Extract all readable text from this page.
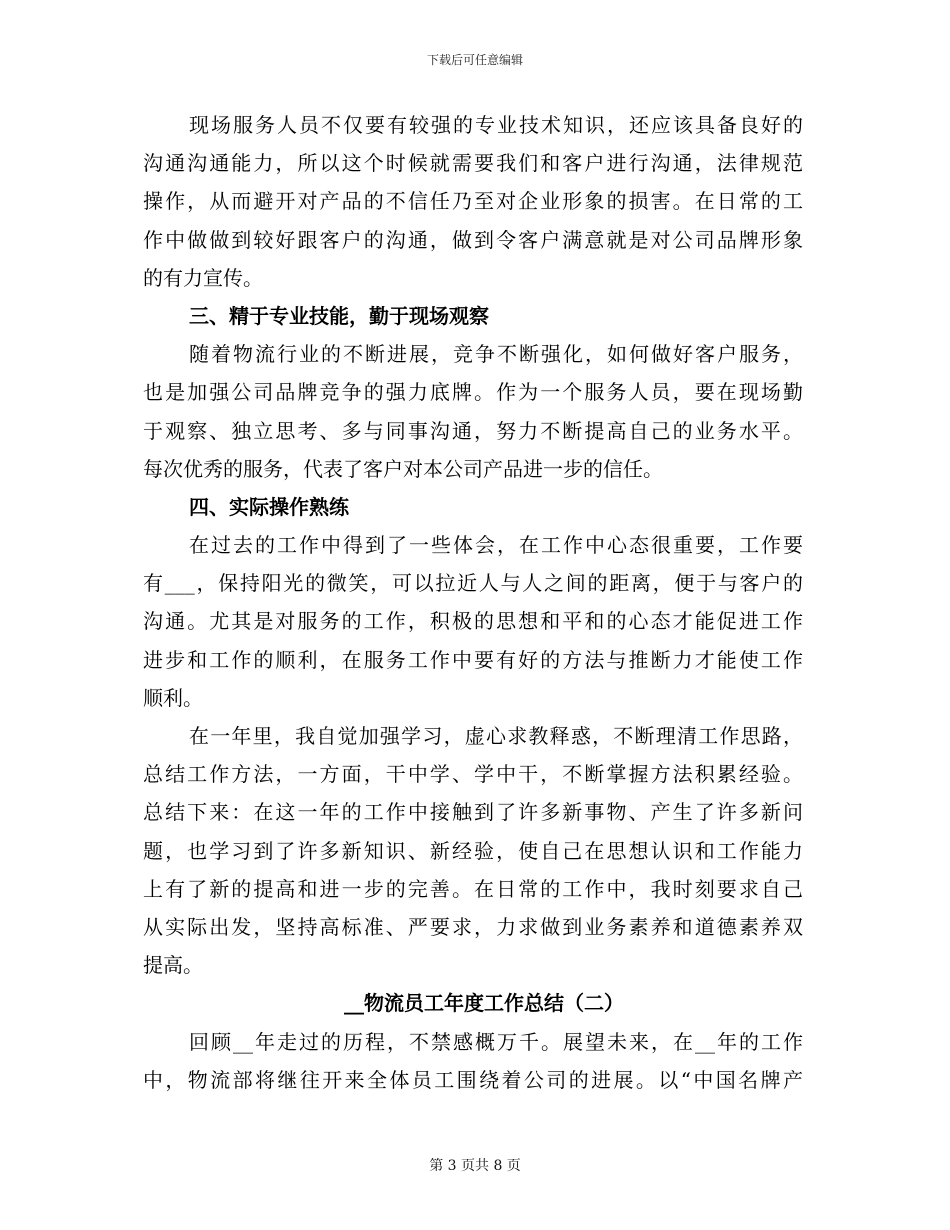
下载后可任意编辑
现场服务人员不仅要有较强的专业技术知识，还应该具备良好的
沟通沟通能力，所以这个时候就需要我们和客户进行沟通，法律规范
操作，从而避开对产品的不信任乃至对企业形象的损害。在日常的工
作中做做到较好跟客户的沟通，做到令客户满意就是对公司品牌形象
的有力宣传。
三、精于专业技能，勤于现场观察
随着物流行业的不断进展，竞争不断强化，如何做好客户服务，
也是加强公司品牌竞争的强力底牌。作为一个服务人员，要在现场勤
于观察、独立思考、多与同事沟通，努力不断提高自己的业务水平。
每次优秀的服务，代表了客户对本公司产品进一步的信任。
四、实际操作熟练
在过去的工作中得到了一些体会，在工作中心态很重要，工作要
有___，保持阳光的微笑，可以拉近人与人之间的距离，便于与客户的
沟通。尤其是对服务的工作，积极的思想和平和的心态才能促进工作
进步和工作的顺利，在服务工作中要有好的方法与推断力才能使工作
顺利。
在一年里，我自觉加强学习，虚心求教释惑，不断理清工作思路，
总结工作方法，一方面，干中学、学中干，不断掌握方法积累经验。
总结下来：在这一年的工作中接触到了许多新事物、产生了许多新问
题，也学习到了许多新知识、新经验，使自己在思想认识和工作能力
上有了新的提高和进一步的完善。在日常的工作中，我时刻要求自己
从实际出发，坚持高标准、严要求，力求做到业务素养和道德素养双
提高。
__物流员工年度工作总结（二）
回顾__年走过的历程，不禁感概万千。展望未来，在__年的工作
中，物流部将继往开来全体员工围绕着公司的进展。以“中国名牌产
第 3 页共 8 页
